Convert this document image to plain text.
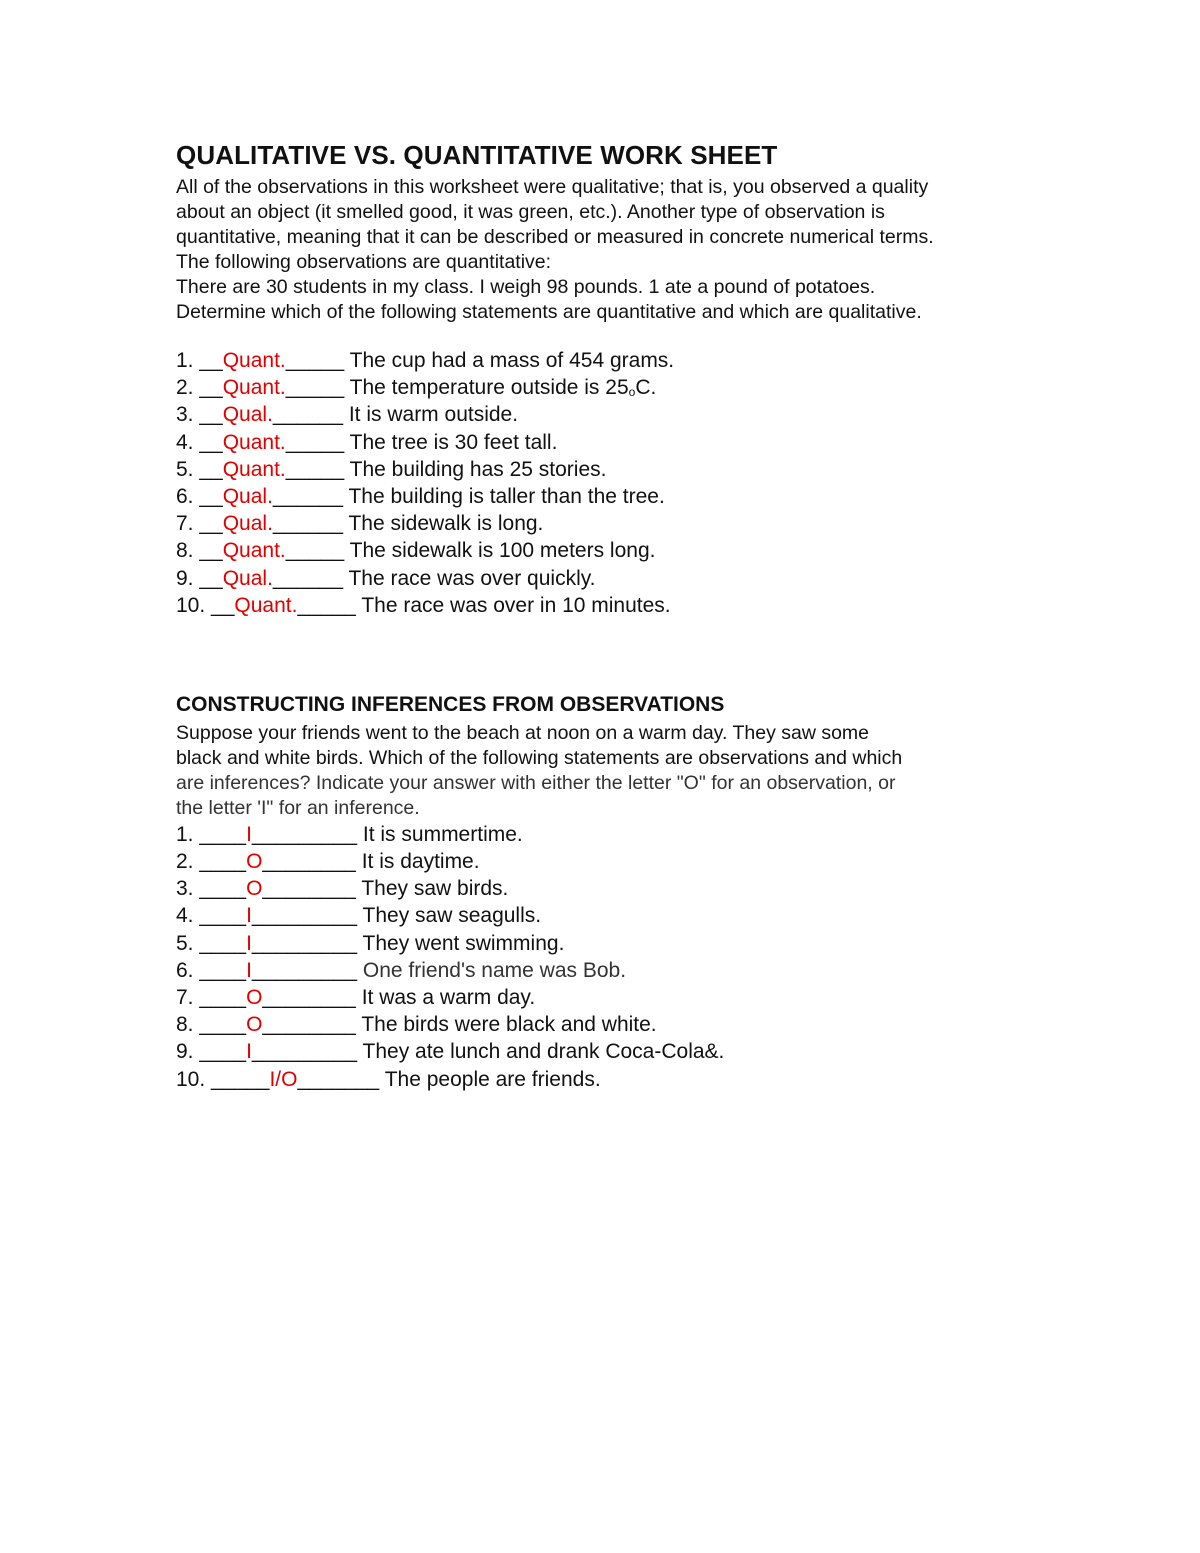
QUALITATIVE VS. QUANTITATIVE WORK SHEET
All of the observations in this worksheet were qualitative; that is, you observed a quality
about an object (it smelled good, it was green, etc.). Another type of observation is
quantitative, meaning that it can be described or measured in concrete numerical terms.
The following observations are quantitative:
There are 30 students in my class. I weigh 98 pounds. 1 ate a pound of potatoes.
Determine which of the following statements are quantitative and which are qualitative.
1. __Quant._____ The cup had a mass of 454 grams.
2. __Quant._____ The temperature outside is 25oC.
3. __Qual.______ It is warm outside.
4. __Quant._____ The tree is 30 feet tall.
5. __Quant._____ The building has 25 stories.
6. __Qual.______ The building is taller than the tree.
7. __Qual.______ The sidewalk is long.
8. __Quant._____ The sidewalk is 100 meters long.
9. __Qual.______ The race was over quickly.
10. __Quant._____ The race was over in 10 minutes.
CONSTRUCTING INFERENCES FROM OBSERVATIONS
Suppose your friends went to the beach at noon on a warm day. They saw some
black and white birds. Which of the following statements are observations and which
are inferences? Indicate your answer with either the letter "O" for an observation, or
the letter 'I" for an inference.
1. ____I_________ It is summertime.
2. ____O________ It is daytime.
3. ____O________ They saw birds.
4. ____I_________ They saw seagulls.
5. ____I_________ They went swimming.
6. ____I_________ One friend's name was Bob.
7. ____O________ It was a warm day.
8. ____O________ The birds were black and white.
9. ____I_________ They ate lunch and drank Coca-Cola&.
10. _____I/O_______ The people are friends.
